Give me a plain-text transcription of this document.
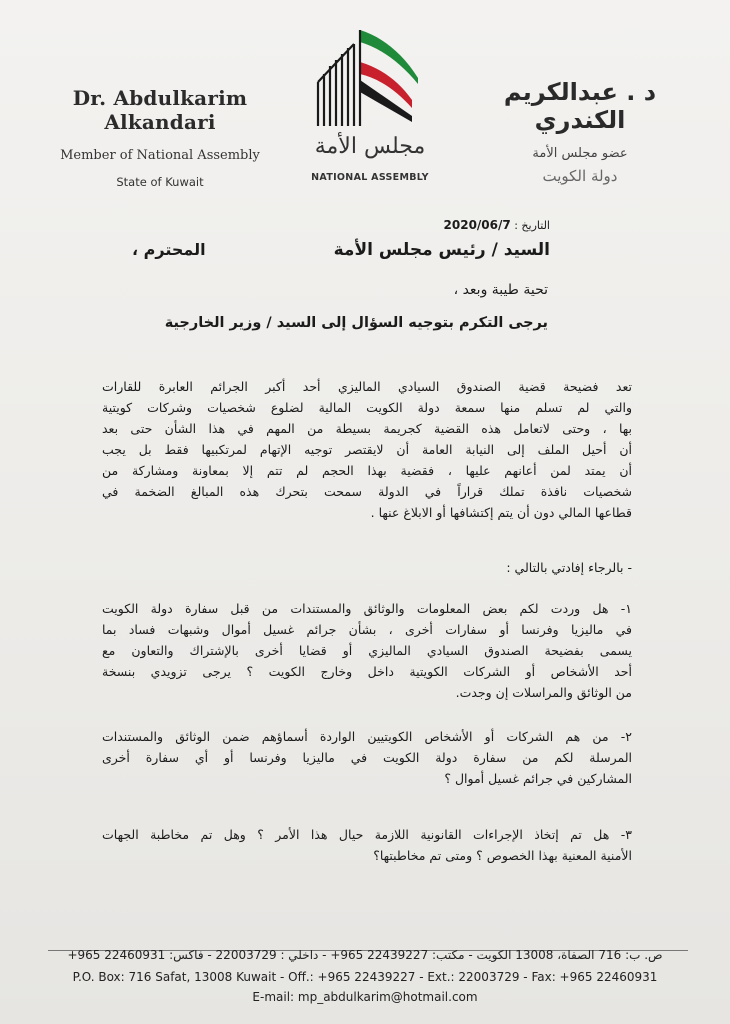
Dr. Abdulkarim Alkandari
Member of National Assembly
State of Kuwait
مجلس الأمة
NATIONAL ASSEMBLY
د . عبدالكريم الكندري
عضو مجلس الأمة
دولة الكويت
التاريخ : 2020/06/7
السيد / رئيس مجلس الأمة
المحترم ،
تحية طيبة وبعد ،
يرجى التكرم بتوجيه السؤال إلى السيد / وزير الخارجية
تعد فضيحة قضية الصندوق السيادي الماليزي أحد أكبر الجرائم العابرة للقارات
والتي لم تسلم منها سمعة دولة الكويت المالية لضلوع شخصيات وشركات كويتية
بها ، وحتى لاتعامل هذه القضية كجريمة بسيطة من المهم في هذا الشأن حتى بعد
أن أحيل الملف إلى النيابة العامة أن لايقتصر توجيه الإتهام لمرتكبيها فقط بل يجب
أن يمتد لمن أعانهم عليها ، فقضية بهذا الحجم لم تتم إلا بمعاونة ومشاركة من
شخصيات نافذة تملك قراراً في الدولة سمحت بتحرك هذه المبالغ الضخمة في
قطاعها المالي دون أن يتم إكتشافها أو الابلاغ عنها .
- بالرجاء إفادتي بالتالي :
١- هل وردت لكم بعض المعلومات والوثائق والمستندات من قبل سفارة دولة الكويت
في ماليزيا وفرنسا أو سفارات أخرى ، بشأن جرائم غسيل أموال وشبهات فساد بما
يسمى بفضيحة الصندوق السيادي الماليزي أو قضايا أخرى بالإشتراك والتعاون مع
أحد الأشخاص أو الشركات الكويتية داخل وخارج الكويت ؟ يرجى تزويدي بنسخة
من الوثائق والمراسلات إن وجدت.
٢- من هم الشركات أو الأشخاص الكويتيين الواردة أسماؤهم ضمن الوثائق والمستندات
المرسلة لكم من سفارة دولة الكويت في ماليزيا وفرنسا أو أي سفارة أخرى
المشاركين في جرائم غسيل أموال ؟
٣- هل تم إتخاذ الإجراءات القانونية اللازمة حيال هذا الأمر ؟ وهل تم مخاطبة الجهات
الأمنية المعنية بهذا الخصوص ؟ ومتى تم مخاطبتها؟
ص. ب: 716 الصفاة، 13008 الكويت - مكتب: 22439227 965+ - داخلي : 22003729 - فاكس: 22460931 965+
P.O. Box: 716 Safat, 13008 Kuwait - Off.: +965 22439227 - Ext.: 22003729 - Fax: +965 22460931
E-mail: mp_abdulkarim@hotmail.com
